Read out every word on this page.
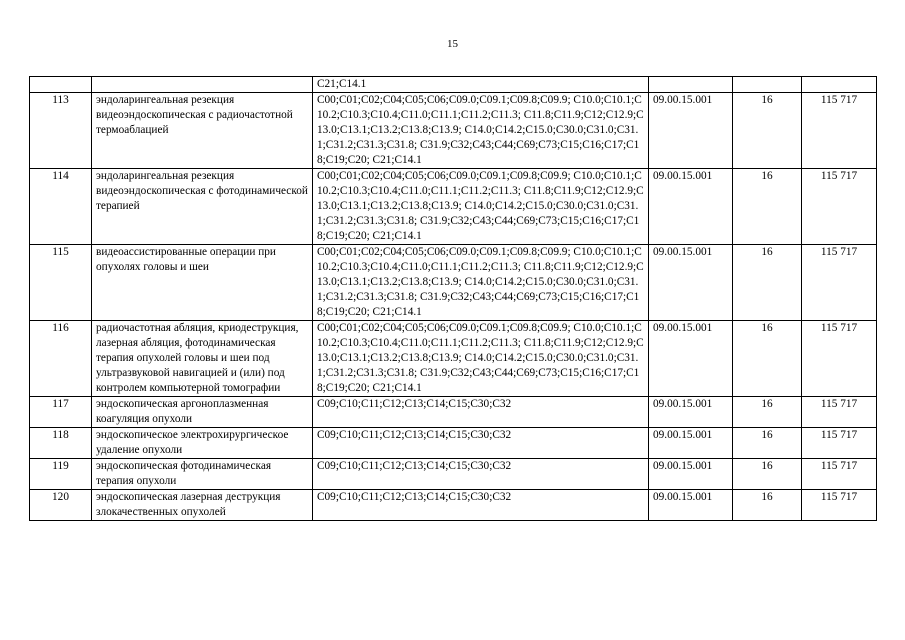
15
		C21;C14.1			
113	эндоларингеальная резекция видеоэндоскопическая с радиочастотной термоаблацией	C00;C01;C02;C04;C05;C06;C09.0;C09.1;C09.8;C09.9; C10.0;C10.1;C10.2;C10.3;C10.4;C11.0;C11.1;C11.2;C11.3; C11.8;C11.9;C12;C12.9;C13.0;C13.1;C13.2;C13.8;C13.9; C14.0;C14.2;C15.0;C30.0;C31.0;C31.1;C31.2;C31.3;C31.8; C31.9;C32;C43;C44;C69;C73;C15;C16;C17;C18;C19;C20; C21;C14.1	09.00.15.001	16	115 717
114	эндоларингеальная резекция видеоэндоскопическая с фотодинамической терапией	C00;C01;C02;C04;C05;C06;C09.0;C09.1;C09.8;C09.9; C10.0;C10.1;C10.2;C10.3;C10.4;C11.0;C11.1;C11.2;C11.3; C11.8;C11.9;C12;C12.9;C13.0;C13.1;C13.2;C13.8;C13.9; C14.0;C14.2;C15.0;C30.0;C31.0;C31.1;C31.2;C31.3;C31.8; C31.9;C32;C43;C44;C69;C73;C15;C16;C17;C18;C19;C20; C21;C14.1	09.00.15.001	16	115 717
115	видеоассистированные операции при опухолях головы и шеи	C00;C01;C02;C04;C05;C06;C09.0;C09.1;C09.8;C09.9; C10.0;C10.1;C10.2;C10.3;C10.4;C11.0;C11.1;C11.2;C11.3; C11.8;C11.9;C12;C12.9;C13.0;C13.1;C13.2;C13.8;C13.9; C14.0;C14.2;C15.0;C30.0;C31.0;C31.1;C31.2;C31.3;C31.8; C31.9;C32;C43;C44;C69;C73;C15;C16;C17;C18;C19;C20; C21;C14.1	09.00.15.001	16	115 717
116	радиочастотная абляция, криодеструкция, лазерная абляция, фотодинамическая терапия опухолей головы и шеи под ультразвуковой навигацией и (или) под контролем компьютерной томографии	C00;C01;C02;C04;C05;C06;C09.0;C09.1;C09.8;C09.9; C10.0;C10.1;C10.2;C10.3;C10.4;C11.0;C11.1;C11.2;C11.3; C11.8;C11.9;C12;C12.9;C13.0;C13.1;C13.2;C13.8;C13.9; C14.0;C14.2;C15.0;C30.0;C31.0;C31.1;C31.2;C31.3;C31.8; C31.9;C32;C43;C44;C69;C73;C15;C16;C17;C18;C19;C20; C21;C14.1	09.00.15.001	16	115 717
117	эндоскопическая аргоноплазменная коагуляция опухоли	C09;C10;C11;C12;C13;C14;C15;C30;C32	09.00.15.001	16	115 717
118	эндоскопическое электрохирургическое удаление опухоли	C09;C10;C11;C12;C13;C14;C15;C30;C32	09.00.15.001	16	115 717
119	эндоскопическая фотодинамическая терапия опухоли	C09;C10;C11;C12;C13;C14;C15;C30;C32	09.00.15.001	16	115 717
120	эндоскопическая лазерная деструкция злокачественных опухолей	C09;C10;C11;C12;C13;C14;C15;C30;C32	09.00.15.001	16	115 717
